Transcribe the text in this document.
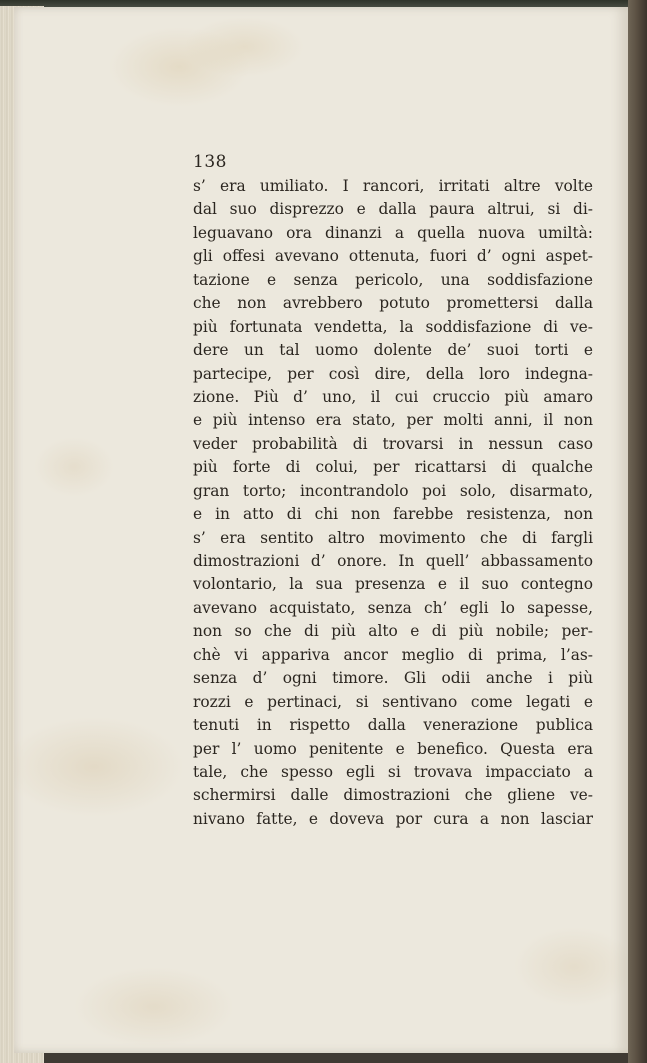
138
s’ era umiliato. I rancori, irritati altre volte
dal suo disprezzo e dalla paura altrui, si di-
leguavano ora dinanzi a quella nuova umiltà:
gli offesi avevano ottenuta, fuori d’ ogni aspet-
tazione e senza pericolo, una soddisfazione
che non avrebbero potuto promettersi dalla
più fortunata vendetta, la soddisfazione di ve-
dere un tal uomo dolente de’ suoi torti e
partecipe, per così dire, della loro indegna-
zione. Più d’ uno, il cui cruccio più amaro
e più intenso era stato, per molti anni, il non
veder probabilità di trovarsi in nessun caso
più forte di colui, per ricattarsi di qualche
gran torto; incontrandolo poi solo, disarmato,
e in atto di chi non farebbe resistenza, non
s’ era sentito altro movimento che di fargli
dimostrazioni d’ onore. In quell’ abbassamento
volontario, la sua presenza e il suo contegno
avevano acquistato, senza ch’ egli lo sapesse,
non so che di più alto e di più nobile; per-
chè vi appariva ancor meglio di prima, l’as-
senza d’ ogni timore. Gli odii anche i più
rozzi e pertinaci, si sentivano come legati e
tenuti in rispetto dalla venerazione publica
per l’ uomo penitente e benefico. Questa era
tale, che spesso egli si trovava impacciato a
schermirsi dalle dimostrazioni che gliene ve-
nivano fatte, e doveva por cura a non lasciar
